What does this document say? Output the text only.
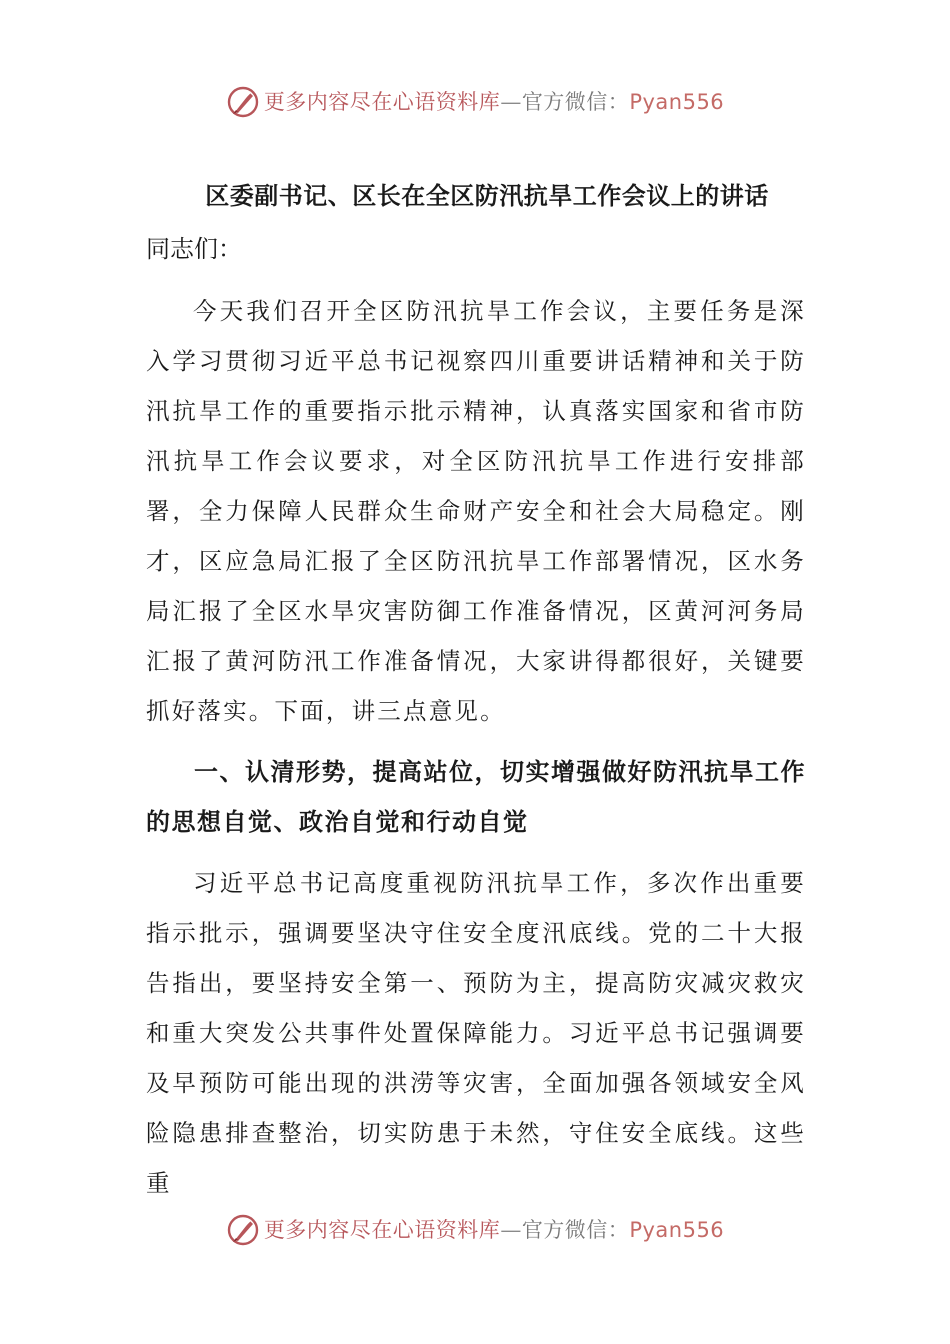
更多内容尽在心语资料库—官方微信：Pyan556
区委副书记、区长在全区防汛抗旱工作会议上的讲话

同志们：

今天我们召开全区防汛抗旱工作会议，主要任务是深入学习贯彻习近平总书记视察四川重要讲话精神和关于防汛抗旱工作的重要指示批示精神，认真落实国家和省市防汛抗旱工作会议要求，对全区防汛抗旱工作进行安排部署，全力保障人民群众生命财产安全和社会大局稳定。刚才，区应急局汇报了全区防汛抗旱工作部署情况，区水务局汇报了全区水旱灾害防御工作准备情况，区黄河河务局汇报了黄河防汛工作准备情况，大家讲得都很好，关键要抓好落实。下面，讲三点意见。

一、认清形势，提高站位，切实增强做好防汛抗旱工作的思想自觉、政治自觉和行动自觉

习近平总书记高度重视防汛抗旱工作，多次作出重要指示批示，强调要坚决守住安全度汛底线。党的二十大报告指出，要坚持安全第一、预防为主，提高防灾减灾救灾和重大突发公共事件处置保障能力。习近平总书记强调要及早预防可能出现的洪涝等灾害，全面加强各领域安全风险隐患排查整治，切实防患于未然，守住安全底线。这些重

更多内容尽在心语资料库—官方微信：Pyan556
